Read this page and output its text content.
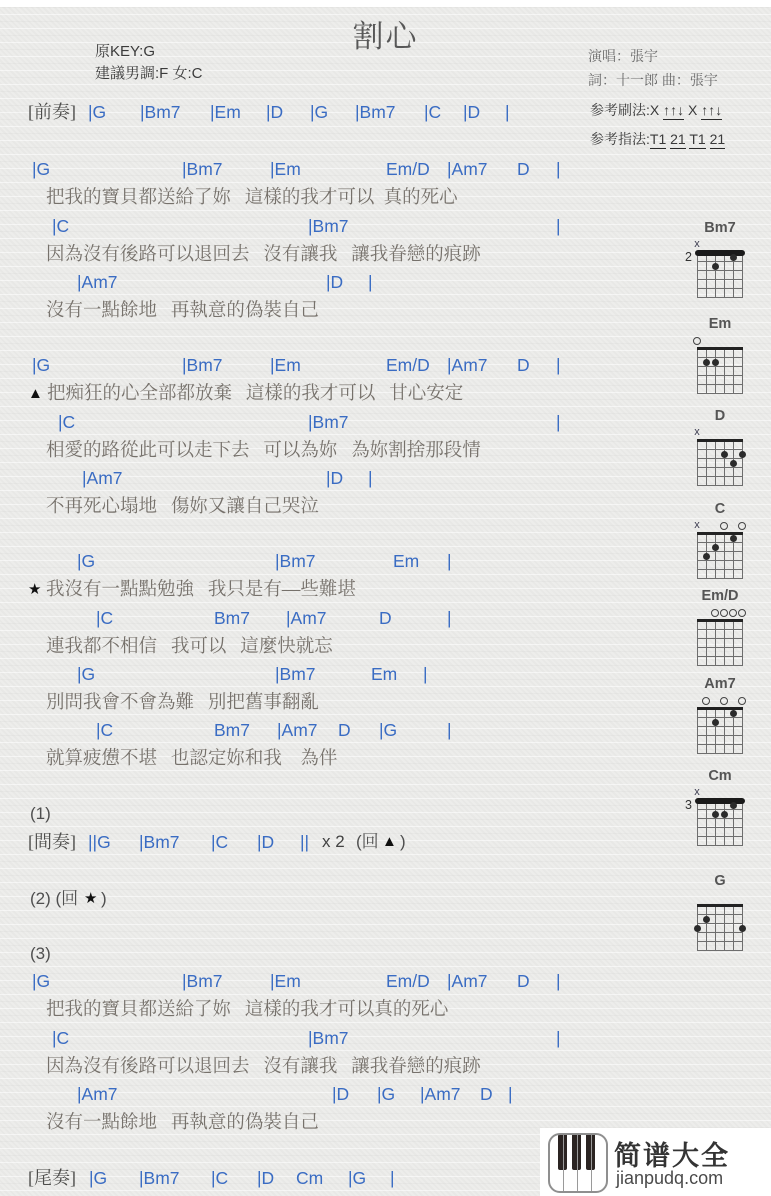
割心
原KEY:G
建議男調:F 女:C
演唱：張宇
詞：十一郎 曲：張宇
参考刷法:X ↑↑↓ X ↑↑↓
参考指法:T1 21 T1 21
[前奏] |G |Bm7 |Em |D |G |Bm7 |C |D |
|G	|Bm7	|Em	Em/D |Am7 D |
把我的寶貝都送給了妳   這樣的我才可以  真的死心
|C	|Bm7	|
因為沒有後路可以退回去   沒有讓我   讓我眷戀的痕跡
|Am7	|D |
沒有一點餘地   再執意的偽裝自己
|G	|Bm7	|Em	Em/D |Am7 D |
▲ 把痴狂的心全部都放棄   這樣的我才可以   甘心安定
|C	|Bm7	|
相愛的路從此可以走下去   可以為妳   為妳割捨那段情
|Am7	|D |
不再死心塌地   傷妳又讓自己哭泣
|G	|Bm7	Em |
★ 我沒有一點點勉強   我只是有—些難堪
|C	Bm7 |Am7	D	|
連我都不相信   我可以   這麼快就忘
|G	|Bm7	Em |
別問我會不會為難   別把舊事翻亂
|C	Bm7 |Am7 D |G	|
就算疲憊不堪   也認定妳和我    為伴
(1)
[間奏] ||G |Bm7 |C |D || x 2 (回 ▲ )
(2) (回 ★ )
(3)
|G	|Bm7	|Em	Em/D |Am7 D |
把我的寶貝都送給了妳   這樣的我才可以真的死心
|C	|Bm7	|
因為沒有後路可以退回去   沒有讓我   讓我眷戀的痕跡
|Am7	|D |G |Am7 D |
沒有一點餘地   再執意的偽裝自己
[尾奏] |G |Bm7 |C |D Cm |G |
Bm7
x
2
Em
D
x
C
x
Em/D
Am7
Cm
x
3
G
简谱大全
jianpudq.com
